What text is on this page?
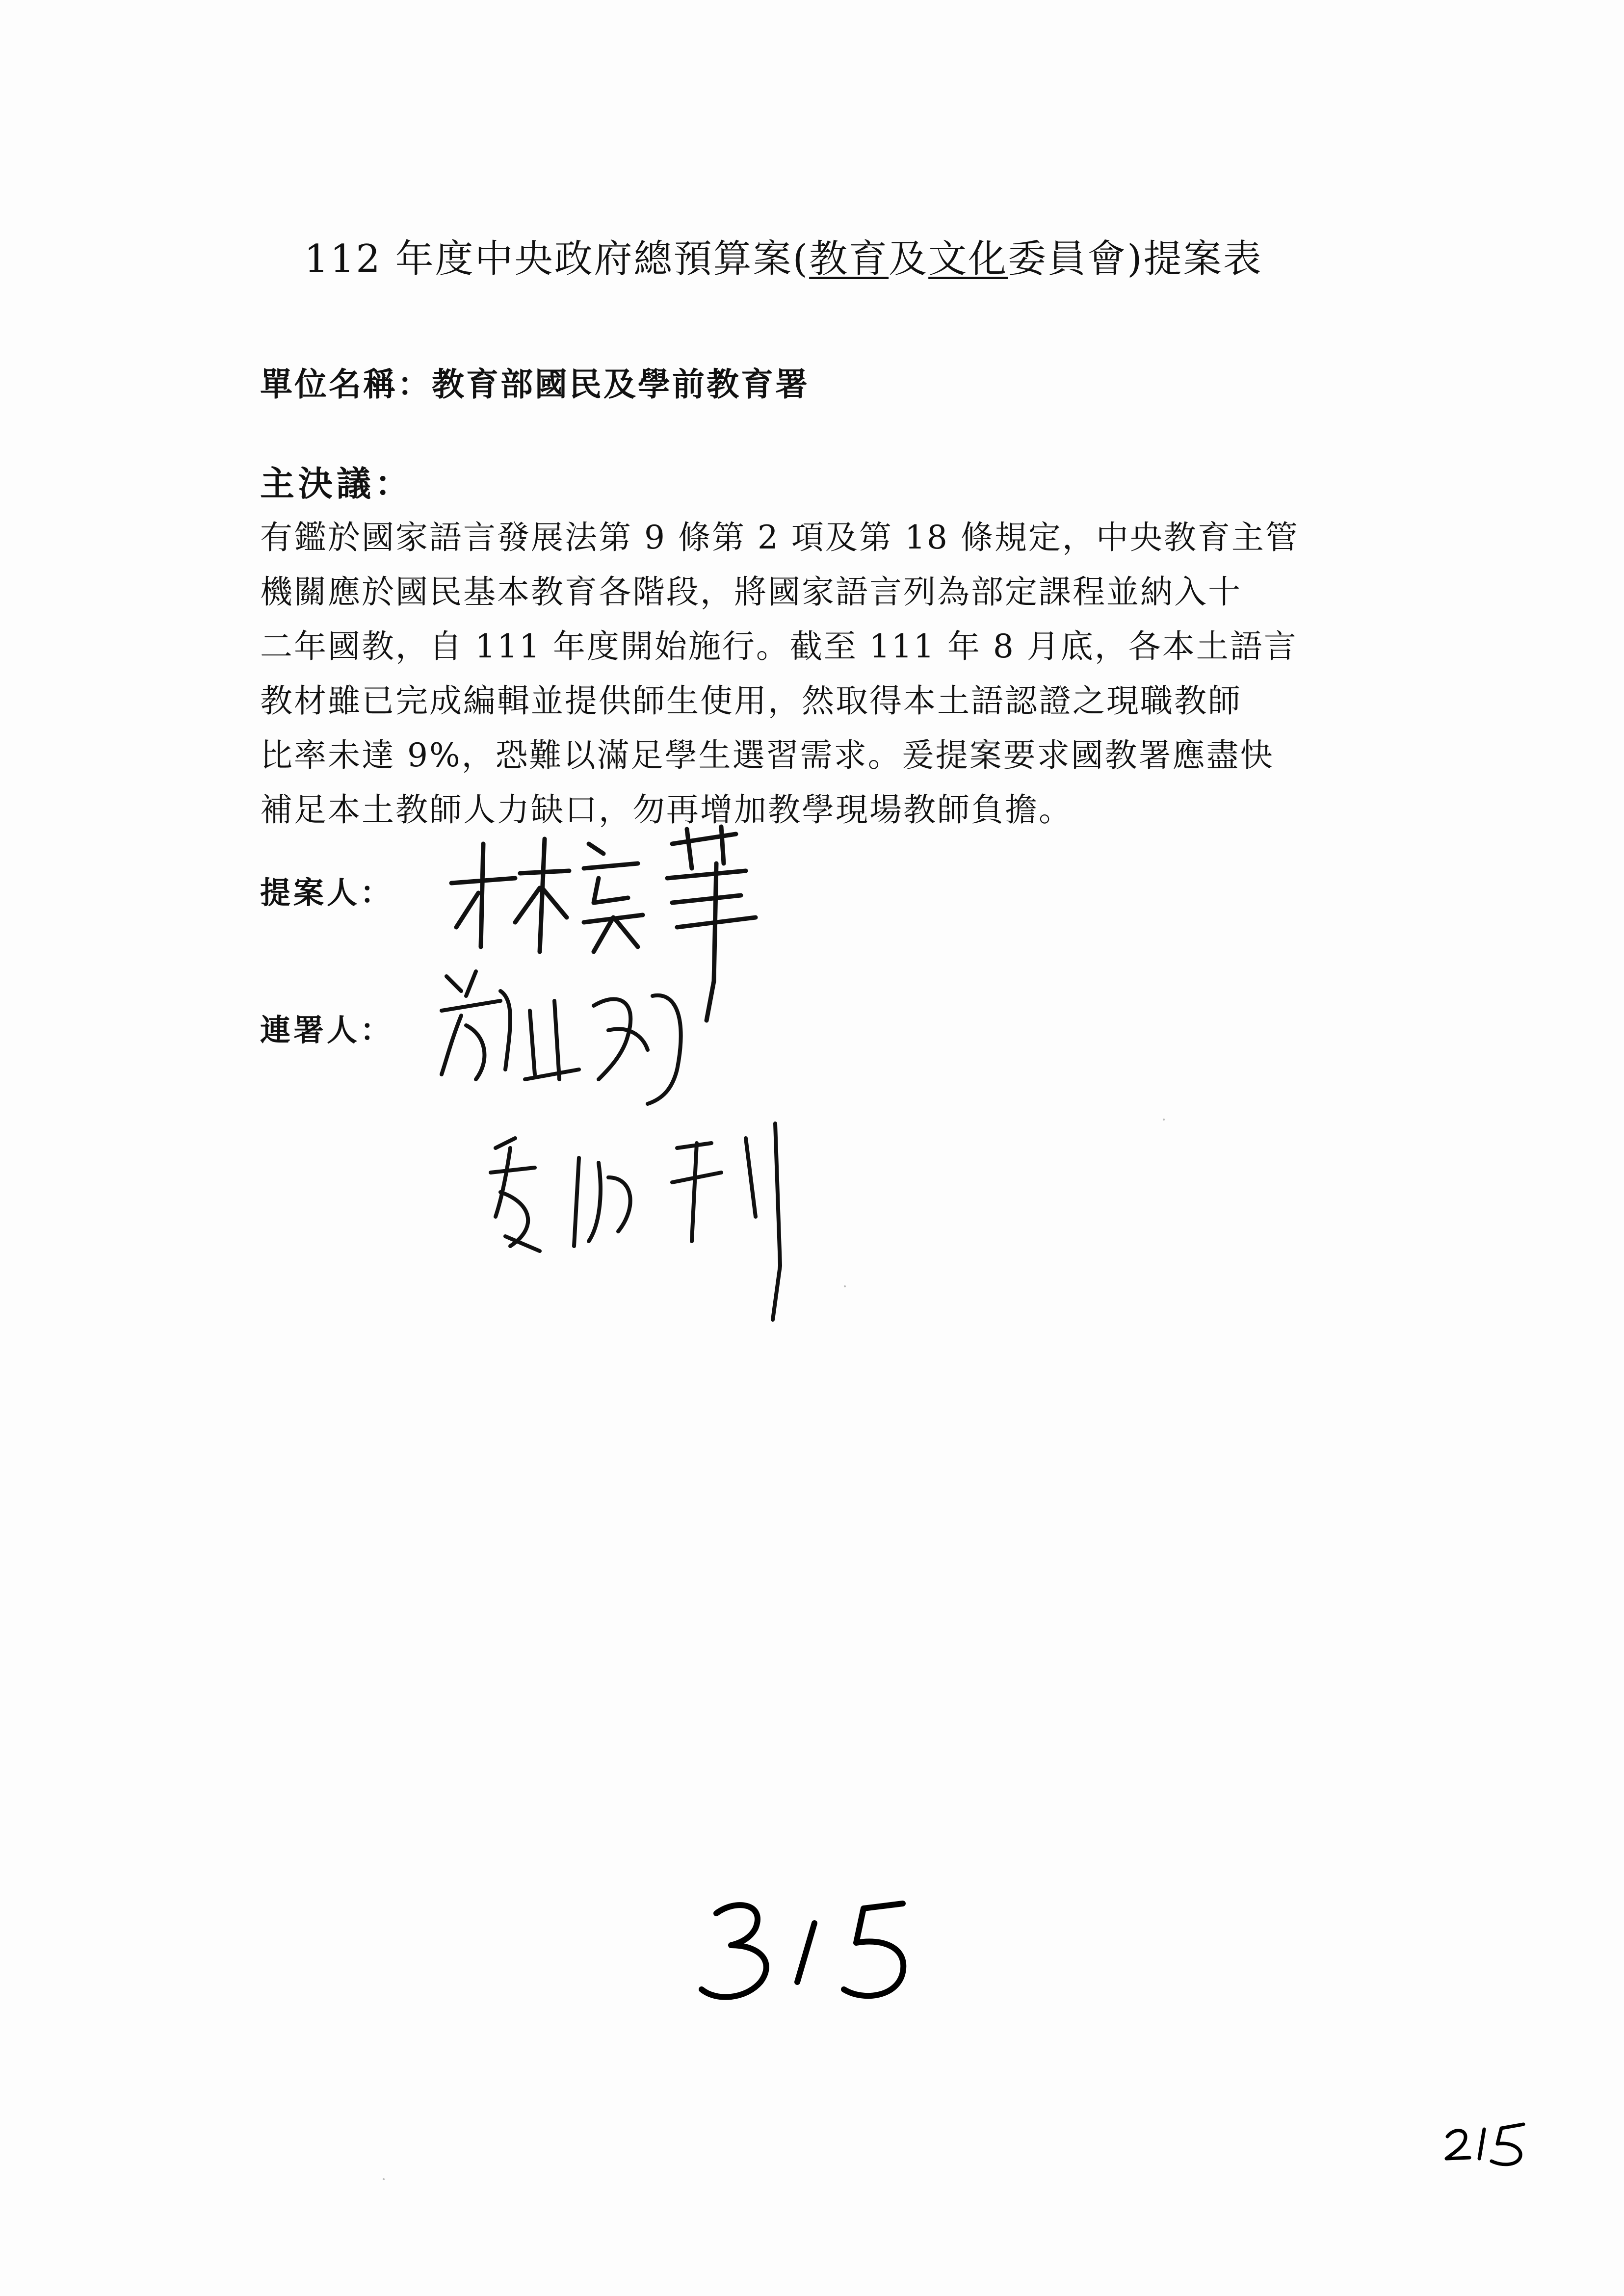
112 年度中央政府總預算案(教育及文化委員會)提案表
單位名稱：教育部國民及學前教育署
主決議：
有鑑於國家語言發展法第 9 條第 2 項及第 18 條規定，中央教育主管
機關應於國民基本教育各階段，將國家語言列為部定課程並納入十
二年國教，自 111 年度開始施行。截至 111 年 8 月底，各本土語言
教材雖已完成編輯並提供師生使用，然取得本土語認證之現職教師
比率未達 9%，恐難以滿足學生選習需求。爰提案要求國教署應盡快
補足本土教師人力缺口，勿再增加教學現場教師負擔。
提案人：
連署人：
